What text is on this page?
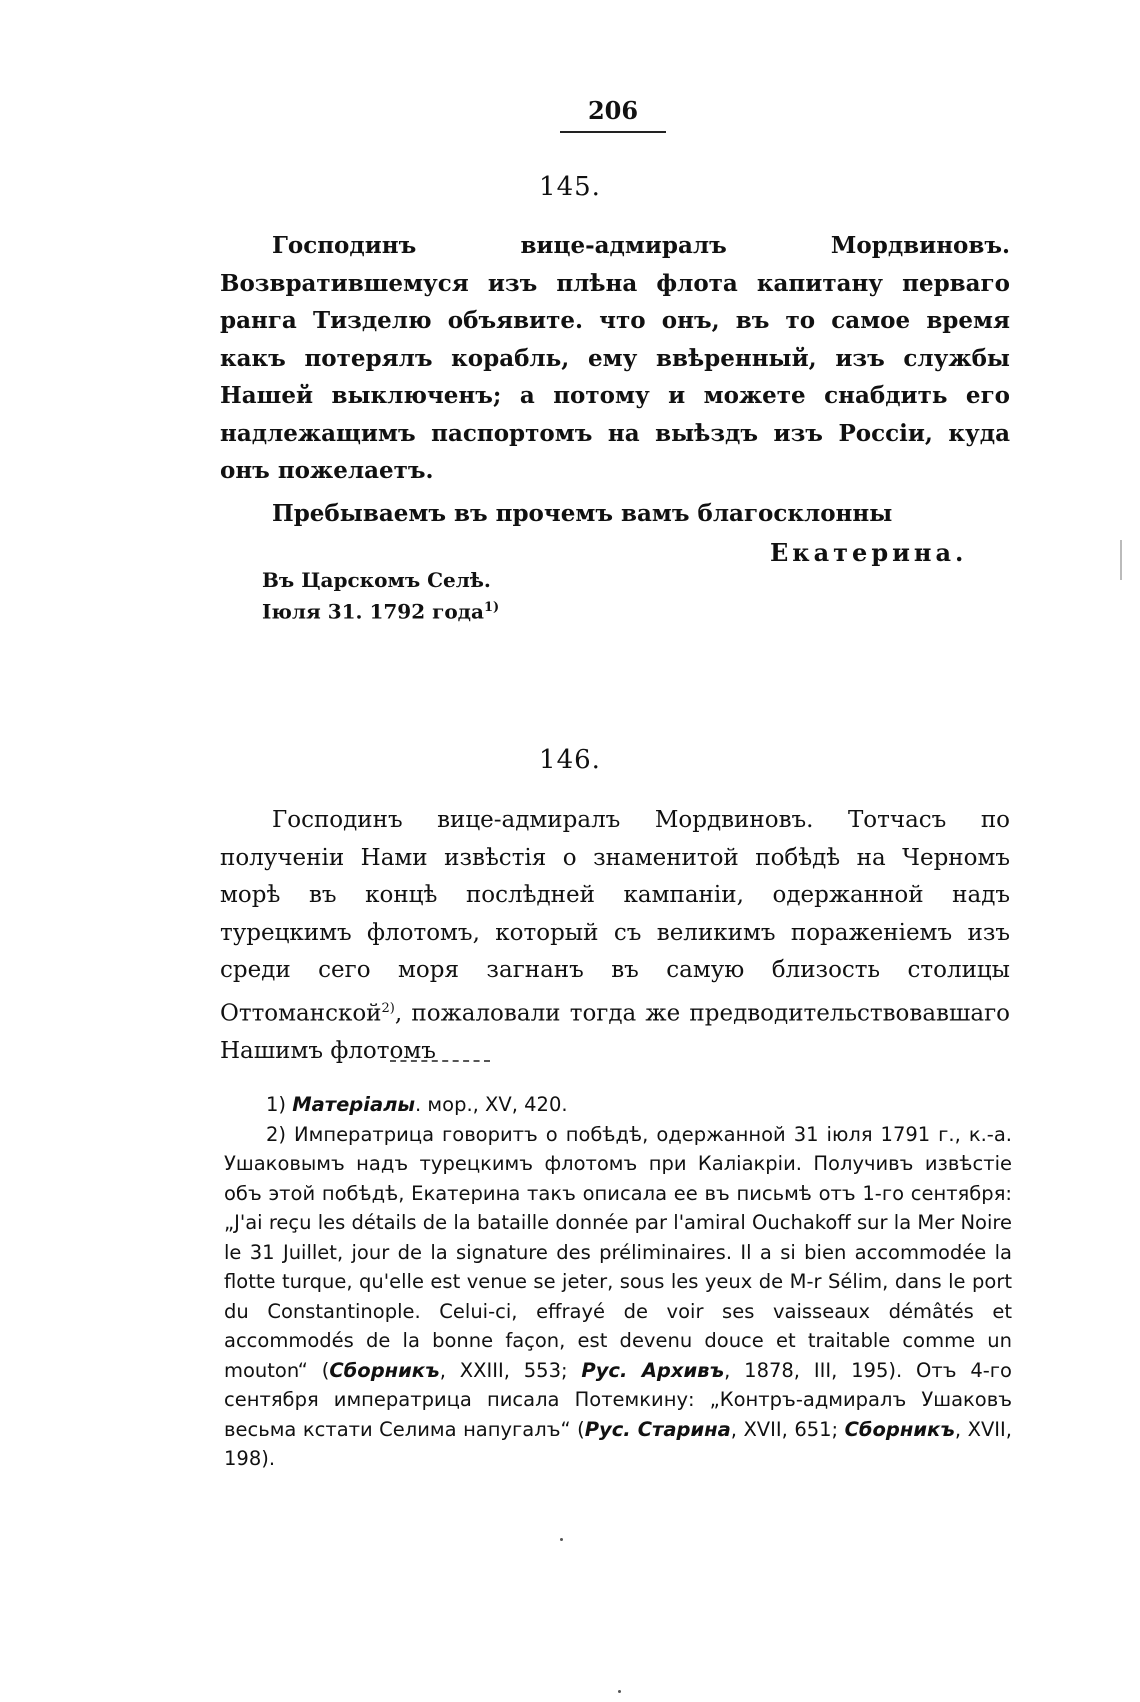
206
145.

Господинъ вице-адмиралъ Мордвиновъ. Возвратившемуся изъ плѣна флота капитану перваго ранга Тизделю объявите. что онъ, въ то самое время какъ потерялъ корабль, ему ввѣренный, изъ службы Нашей выключенъ; а потому и можете снабдить его надлежащимъ паспортомъ на выѣздъ изъ Россіи, куда онъ пожелаетъ.

Пребываемъ въ прочемъ вамъ благосклонны

Екатерина.
Въ Царскомъ Селѣ.
Іюля 31. 1792 года$^{1)}$
146.

Господинъ вице-адмиралъ Мордвиновъ. Тотчасъ по полученіи Нами извѣстія о знаменитой побѣдѣ на Черномъ морѣ въ концѣ послѣдней кампаніи, одержанной надъ турецкимъ флотомъ, который съ великимъ пораженіемъ изъ среди сего моря загнанъ въ самую близость столицы Оттоманской$^{2)}$, пожаловали тогда же предводительствовавшаго Нашимъ флотомъ

1) Матеріалы. мор., XV, 420.

2) Императрица говоритъ о побѣдѣ, одержанной 31 іюля 1791 г., к.-а. Ушаковымъ надъ турецкимъ флотомъ при Каліакріи. Получивъ извѣстіе объ этой побѣдѣ, Екатерина такъ описала ее въ письмѣ отъ 1-го сентября: „J'ai reçu les détails de la bataille donnée par l'amiral Ouchakoff sur la Mer Noire le 31 Juillet, jour de la signature des préliminaires. Il a si bien accommodée la flotte turque, qu'elle est venue se jeter, sous les yeux de M-r Sélim, dans le port du Constantinople. Celui-ci, effrayé de voir ses vaisseaux démâtés et accommodés de la bonne façon, est devenu douce et traitable comme un mouton“ (Сборникъ, XXIII, 553; Рус. Архивъ, 1878, III, 195). Отъ 4-го сентября императрица писала Потемкину: „Контръ-адмиралъ Ушаковъ весьма кстати Селима напугалъ“ (Рус. Старина, XVII, 651; Сборникъ, XVII, 198).
